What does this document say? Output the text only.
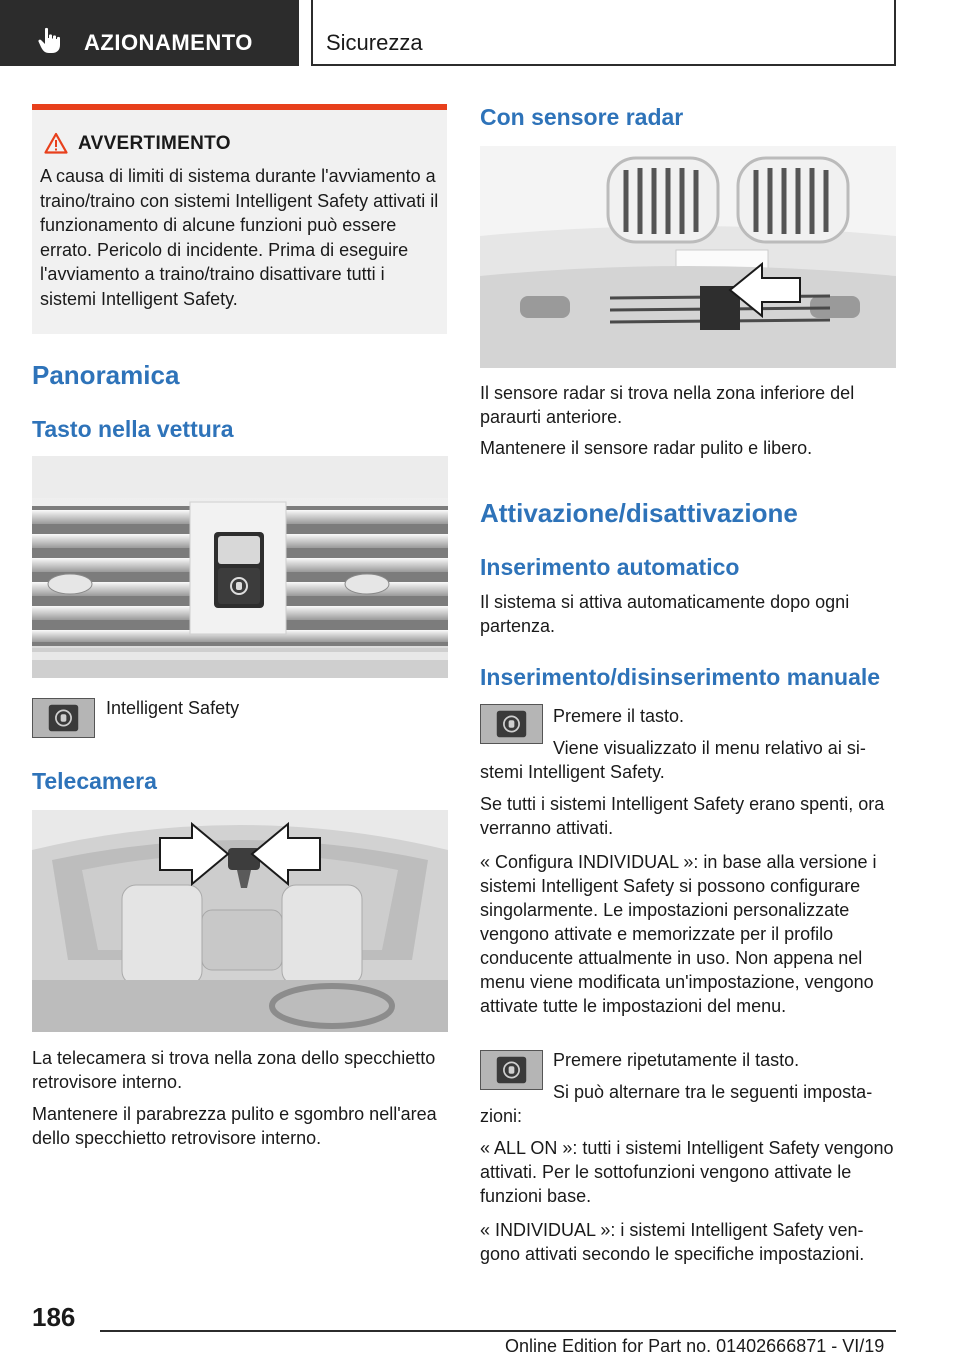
AZIONAMENTO	Sicurezza
AVVERTIMENTO
A causa di limiti di sistema durante l'avviamento a traino/traino con sistemi Intelligent Safety attivati il funzionamento di alcune funzioni può essere errato. Pericolo di incidente. Prima di eseguire l'avviamento a traino/traino disattivare tutti i sistemi Intelligent Safety.
Panoramica
Tasto nella vettura
Intelligent Safety
Telecamera
La telecamera si trova nella zona dello specchietto retrovisore interno.
Mantenere il parabrezza pulito e sgombro nell'area dello specchietto retrovisore interno.
Con sensore radar
Il sensore radar si trova nella zona inferiore del paraurti anteriore.
Mantenere il sensore radar pulito e libero.
Attivazione/disattivazione
Inserimento automatico
Il sistema si attiva automaticamente dopo ogni partenza.
Inserimento/disinserimento manuale
Premere il tasto.
Viene visualizzato il menu relativo ai sistemi Intelligent Safety.
Se tutti i sistemi Intelligent Safety erano spenti, ora verranno attivati.
« Configura INDIVIDUAL »: in base alla versione i sistemi Intelligent Safety si possono configurare singolarmente. Le impostazioni personalizzate vengono attivate e memorizzate per il profilo conducente attualmente in uso. Non appena nel menu viene modificata un'impostazione, vengono attivate tutte le impostazioni del menu.
Premere ripetutamente il tasto.
Si può alternare tra le seguenti impostazioni:
« ALL ON »: tutti i sistemi Intelligent Safety vengono attivati. Per le sottofunzioni vengono attivate le funzioni base.
« INDIVIDUAL »: i sistemi Intelligent Safety vengono attivati secondo le specifiche impostazioni.
186
Online Edition for Part no. 01402666871 - VI/19
